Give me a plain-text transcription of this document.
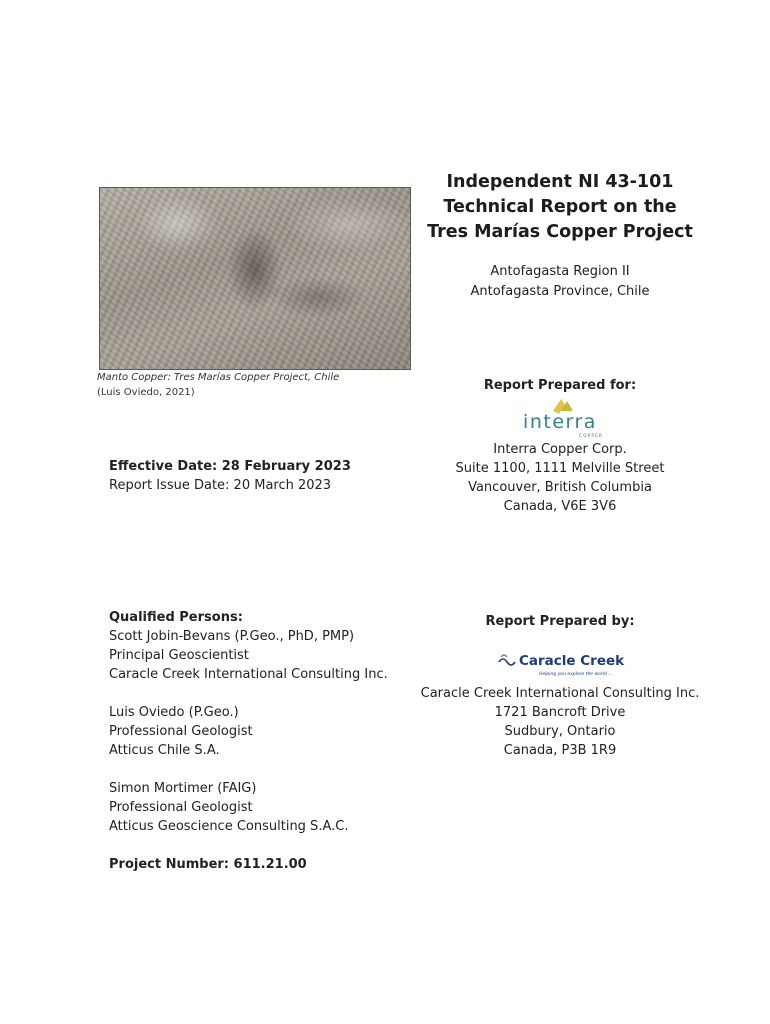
Independent NI 43-101
Technical Report on the
Tres Marías Copper Project
Antofagasta Region II
Antofagasta Province, Chile
Manto Copper: Tres Marías Copper Project, Chile
(Luis Oviedo, 2021)	Report Prepared for:
interra
COPPER
Interra Copper Corp.
Suite 1100, 1111 Melville Street
Vancouver, British Columbia
Canada, V6E 3V6
Effective Date: 28 February 2023
Report Issue Date: 20 March 2023
Qualified Persons:
Scott Jobin-Bevans (P.Geo., PhD, PMP)
Principal Geoscientist
Caracle Creek International Consulting Inc.
Luis Oviedo (P.Geo.)
Professional Geologist
Atticus Chile S.A.
Simon Mortimer (FAIG)
Professional Geologist
Atticus Geoscience Consulting S.A.C.
Project Number: 611.21.00
Report Prepared by:
Caracle Creek
Helping you explore the world ...
Caracle Creek International Consulting Inc.
1721 Bancroft Drive
Sudbury, Ontario
Canada, P3B 1R9
